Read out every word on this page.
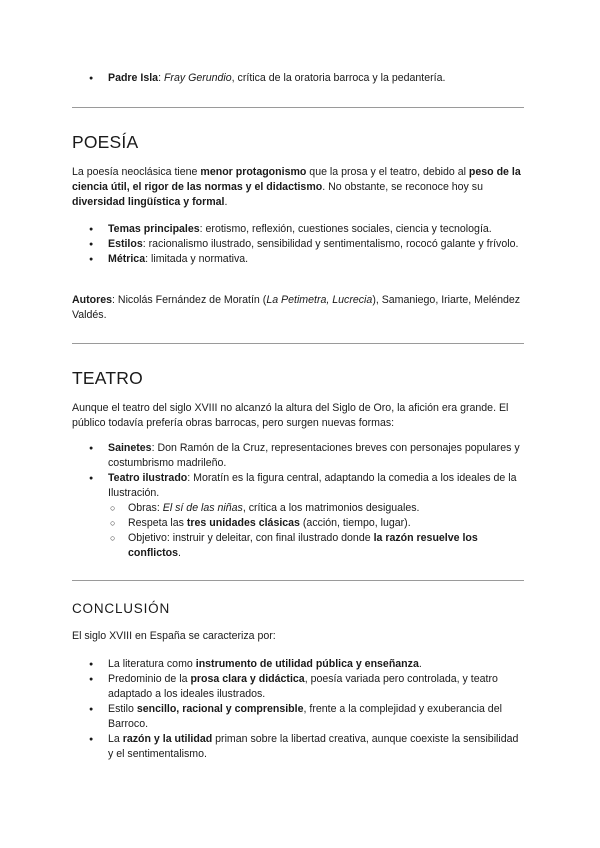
● Padre Isla: Fray Gerundio, crítica de la oratoria barroca y la pedantería.
POESÍA

La poesía neoclásica tiene menor protagonismo que la prosa y el teatro, debido al peso de la ciencia útil, el rigor de las normas y el didactismo. No obstante, se reconoce hoy su diversidad lingüística y formal.

● Temas principales: erotismo, reflexión, cuestiones sociales, ciencia y tecnología.
● Estilos: racionalismo ilustrado, sensibilidad y sentimentalismo, rococó galante y frívolo.
● Métrica: limitada y normativa.

Autores: Nicolás Fernández de Moratín (La Petimetra, Lucrecia), Samaniego, Iriarte, Meléndez Valdés.

TEATRO

Aunque el teatro del siglo XVIII no alcanzó la altura del Siglo de Oro, la afición era grande. El público todavía prefería obras barrocas, pero surgen nuevas formas:

● Sainetes: Don Ramón de la Cruz, representaciones breves con personajes populares y costumbrismo madrileño.
● Teatro ilustrado: Moratín es la figura central, adaptando la comedia a los ideales de la Ilustración.
○ Obras: El sí de las niñas, crítica a los matrimonios desiguales.
○ Respeta las tres unidades clásicas (acción, tiempo, lugar).
○ Objetivo: instruir y deleitar, con final ilustrado donde la razón resuelve los conflictos.
CONCLUSIÓN

El siglo XVIII en España se caracteriza por:

● La literatura como instrumento de utilidad pública y enseñanza.
● Predominio de la prosa clara y didáctica, poesía variada pero controlada, y teatro adaptado a los ideales ilustrados.
● Estilo sencillo, racional y comprensible, frente a la complejidad y exuberancia del Barroco.
● La razón y la utilidad priman sobre la libertad creativa, aunque coexiste la sensibilidad y el sentimentalismo.
